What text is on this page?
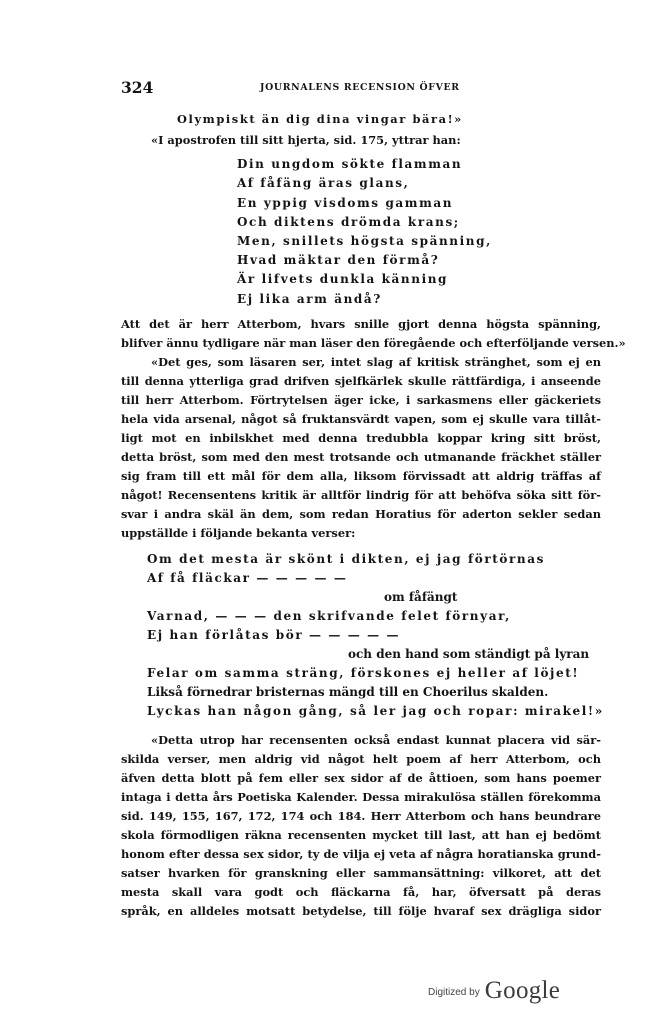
324	JOURNALENS RECENSION ÖFVER
Olympiskt än dig dina vingar bära!»
«I apostrofen till sitt hjerta, sid. 175, yttrar han:
Din ungdom sökte flamman
Af fåfäng äras glans,
En yppig visdoms gamman
Och diktens drömda krans;
Men, snillets högsta spänning,
Hvad mäktar den förmå?
Är lifvets dunkla känning
Ej lika arm ändå?
Att det är herr Atterbom, hvars snille gjort denna högsta spänning,
blifver ännu tydligare när man läser den föregående och efterföljande versen.»
«Det ges, som läsaren ser, intet slag af kritisk stränghet, som ej en
till denna ytterliga grad drifven sjelfkärlek skulle rättfärdiga, i anseende
till herr Atterbom. Förtrytelsen äger icke, i sarkasmens eller gäckeriets
hela vida arsenal, något så fruktansvärdt vapen, som ej skulle vara tillåt-
ligt mot en inbilskhet med denna tredubbla koppar kring sitt bröst,
detta bröst, som med den mest trotsande och utmanande fräckhet ställer
sig fram till ett mål för dem alla, liksom förvissadt att aldrig träffas af
något! Recensentens kritik är alltför lindrig för att behöfva söka sitt för-
svar i andra skäl än dem, som redan Horatius för aderton sekler sedan
uppställde i följande bekanta verser:
Om det mesta är skönt i dikten, ej jag förtörnas
Af få fläckar — — — — —
om fåfängt
Varnad, — — — den skrifvande felet förnyar,
Ej han förlåtas bör — — — — —
och den hand som ständigt på lyran
Felar om samma sträng, förskones ej heller af löjet!
Likså förnedrar bristernas mängd till en Choerilus skalden.
Lyckas han någon gång, så ler jag och ropar: mirakel!»
«Detta utrop har recensenten också endast kunnat placera vid sär-
skilda verser, men aldrig vid något helt poem af herr Atterbom, och
äfven detta blott på fem eller sex sidor af de åttioen, som hans poemer
intaga i detta års Poetiska Kalender. Dessa mirakulösa ställen förekomma
sid. 149, 155, 167, 172, 174 och 184. Herr Atterbom och hans beundrare
skola förmodligen räkna recensenten mycket till last, att han ej bedömt
honom efter dessa sex sidor, ty de vilja ej veta af några horatianska grund-
satser hvarken för granskning eller sammansättning: vilkoret, att det
mesta skall vara godt och fläckarna få, har, öfversatt på deras
språk, en alldeles motsatt betydelse, till följe hvaraf sex drägliga sidor
Digitized by Google
